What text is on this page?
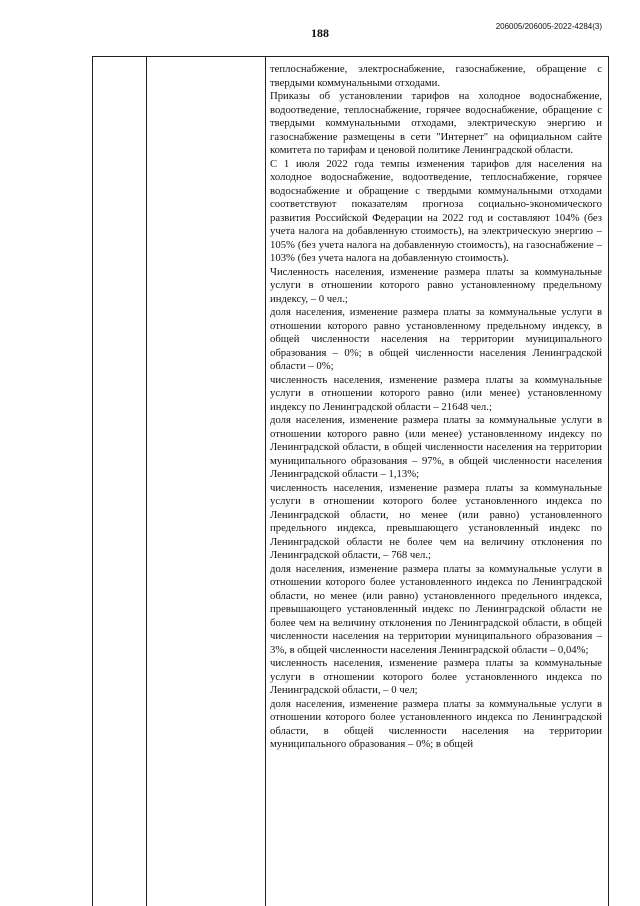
188	206005/206005-2022-4284(3)

теплоснабжение, электроснабжение, газоснабжение, обращение с твердыми коммунальными отходами.

Приказы об установлении тарифов на холодное водоснабжение, водоотведение, теплоснабжение, горячее водоснабжение, обращение с твердыми коммунальными отходами, электрическую энергию и газоснабжение размещены в сети "Интернет" на официальном сайте комитета по тарифам и ценовой политике Ленинградской области.

С 1 июля 2022 года темпы изменения тарифов для населения на холодное водоснабжение, водоотведение, теплоснабжение, горячее водоснабжение и обращение с твердыми коммунальными отходами соответствуют показателям прогноза социально-экономического развития Российской Федерации на 2022 год и составляют 104% (без учета налога на добавленную стоимость), на электрическую энергию – 105% (без учета налога на добавленную стоимость), на газоснабжение – 103% (без учета налога на добавленную стоимость).

Численность населения, изменение размера платы за коммунальные услуги в отношении которого равно установленному предельному индексу, – 0 чел.;

доля населения, изменение размера платы за коммунальные услуги в отношении которого равно установленному предельному индексу, в общей численности населения на территории муниципального образования – 0%; в общей численности населения Ленинградской области – 0%;

численность населения, изменение размера платы за коммунальные услуги в отношении которого равно (или менее) установленному индексу по Ленинградской области – 21648 чел.;

доля населения, изменение размера платы за коммунальные услуги в отношении которого равно (или менее) установленному индексу по Ленинградской области, в общей численности населения на территории муниципального образования – 97%, в общей численности населения Ленинградской области – 1,13%;

численность населения, изменение размера платы за коммунальные услуги в отношении которого более установленного индекса по Ленинградской области, но менее (или равно) установленного предельного индекса, превышающего установленный индекс по Ленинградской области не более чем на величину отклонения по Ленинградской области, – 768 чел.;

доля населения, изменение размера платы за коммунальные услуги в отношении которого более установленного индекса по Ленинградской области, но менее (или равно) установленного предельного индекса, превышающего установленный индекс по Ленинградской области не более чем на величину отклонения по Ленинградской области, в общей численности населения на территории муниципального образования – 3%, в общей численности населения Ленинградской области – 0,04%;

численность населения, изменение размера платы за коммунальные услуги в отношении которого более установленного индекса по Ленинградской области, – 0 чел;

доля населения, изменение размера платы за коммунальные услуги в отношении которого более установленного индекса по Ленинградской области, в общей численности населения на территории муниципального образования – 0%; в общей
